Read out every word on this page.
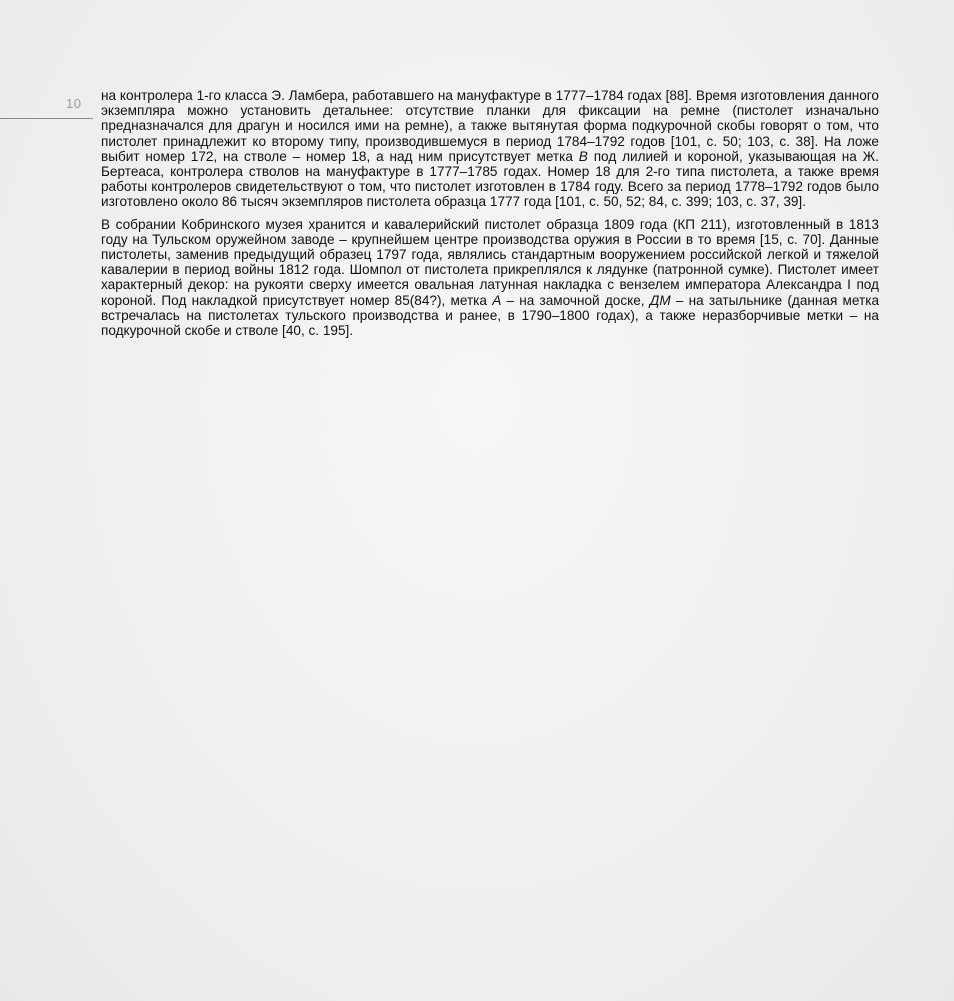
10

на контролера 1-го класса Э. Ламбера, работавшего на мануфактуре в 1777–1784 годах [88]. Время изготовления данного экземпляра можно установить детальнее: отсутствие планки для фиксации на ремне (пистолет изначально предназначался для драгун и носился ими на ремне), а также вытянутая форма подкурочной скобы говорят о том, что пистолет принадлежит ко второму типу, производившемуся в период 1784–1792 годов [101, с. 50; 103, с. 38]. На ложе выбит номер 172, на стволе – номер 18, а над ним присутствует метка В под лилией и короной, указывающая на Ж. Бертеаса, контролера стволов на мануфактуре в 1777–1785 годах. Номер 18 для 2-го типа пистолета, а также время работы контролеров свидетельствуют о том, что пистолет изготовлен в 1784 году. Всего за период 1778–1792 годов было изготовлено около 86 тысяч экземпляров пистолета образца 1777 года [101, с. 50, 52; 84, с. 399; 103, с. 37, 39].

В собрании Кобринского музея хранится и кавалерийский пистолет образца 1809 года (КП 211), изготовленный в 1813 году на Тульском оружейном заводе – крупнейшем центре производства оружия в России в то время [15, с. 70]. Данные пистолеты, заменив предыдущий образец 1797 года, являлись стандартным вооружением российской легкой и тяжелой кавалерии в период войны 1812 года. Шомпол от пистолета прикреплялся к лядунке (патронной сумке). Пистолет имеет характерный декор: на рукояти сверху имеется овальная латунная накладка с вензелем императора Александра I под короной. Под накладкой присутствует номер 85(84?), метка А – на замочной доске, ДМ – на затыльнике (данная метка встречалась на пистолетах тульского производства и ранее, в 1790–1800 годах), а также неразборчивые метки – на подкурочной скобе и стволе [40, с. 195].
